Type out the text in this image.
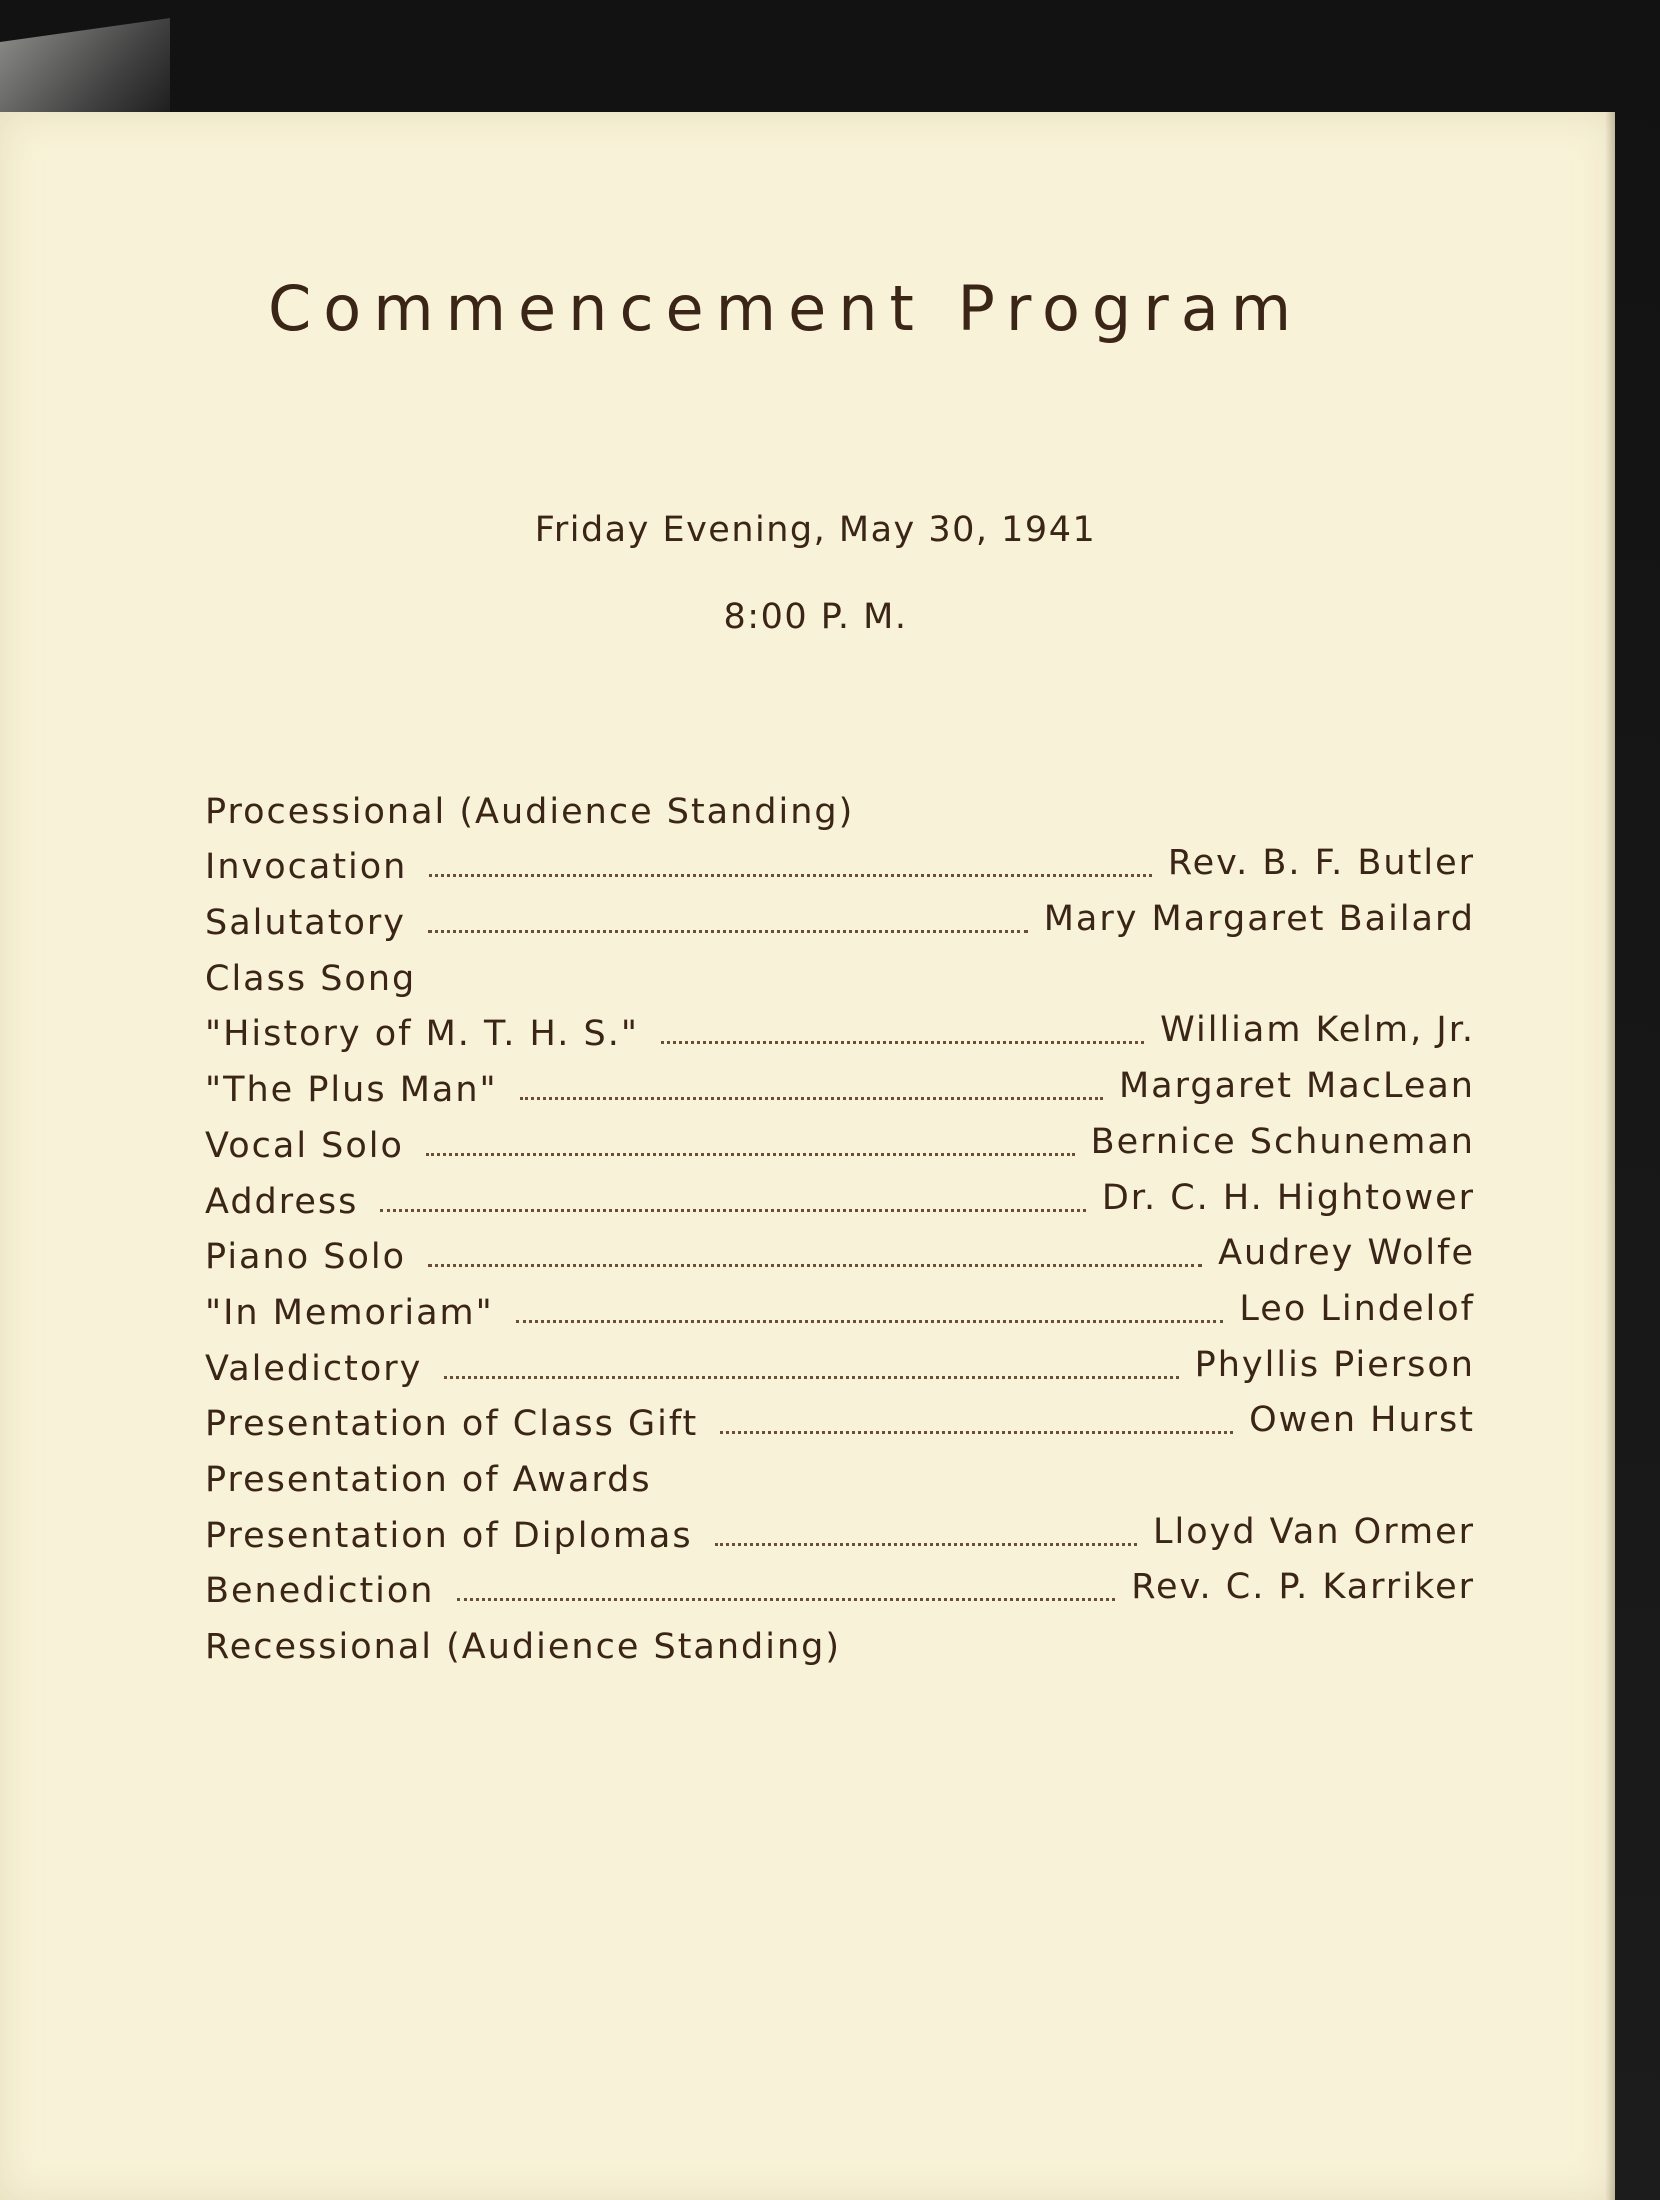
Commencement Program

Friday Evening, May 30, 1941

8:00 P. M.

Processional (Audience Standing)
Invocation	Rev. B. F. Butler
Salutatory	Mary Margaret Bailard
Class Song
"History of M. T. H. S."	William Kelm, Jr.
"The Plus Man"	Margaret MacLean
Vocal Solo	Bernice Schuneman
Address	Dr. C. H. Hightower
Piano Solo	Audrey Wolfe
"In Memoriam"	Leo Lindelof
Valedictory	Phyllis Pierson
Presentation of Class Gift	Owen Hurst
Presentation of Awards
Presentation of Diplomas	Lloyd Van Ormer
Benediction	Rev. C. P. Karriker
Recessional (Audience Standing)
